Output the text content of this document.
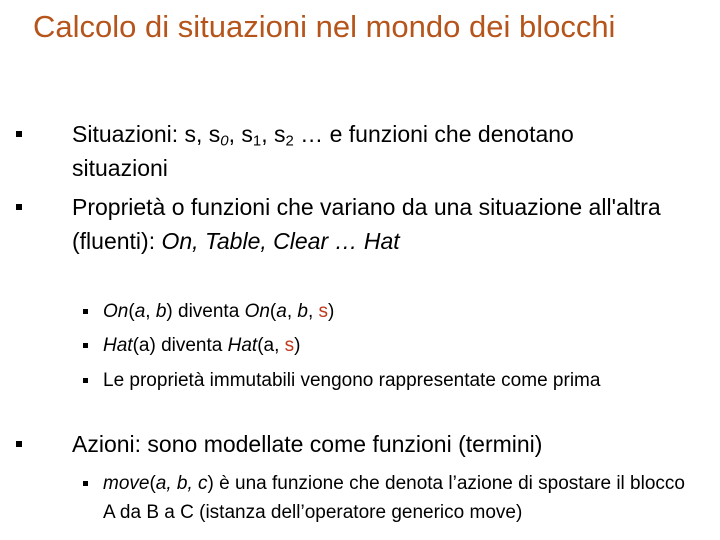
Calcolo di situazioni nel mondo dei blocchi
Situazioni: s, $s_0$, $s_1$, $s_2$ … e funzioni che denotano situazioni
Proprietà o funzioni che variano da una situazione all'altra (fluenti): On, Table, Clear … Hat
On(a, b) diventa On(a, b, s)
Hat(a) diventa Hat(a, s)
Le proprietà immutabili vengono rappresentate come prima
Azioni: sono modellate come funzioni (termini)
move(a, b, c) è una funzione che denota l’azione di spostare il blocco A da B a C (istanza dell’operatore generico move)
